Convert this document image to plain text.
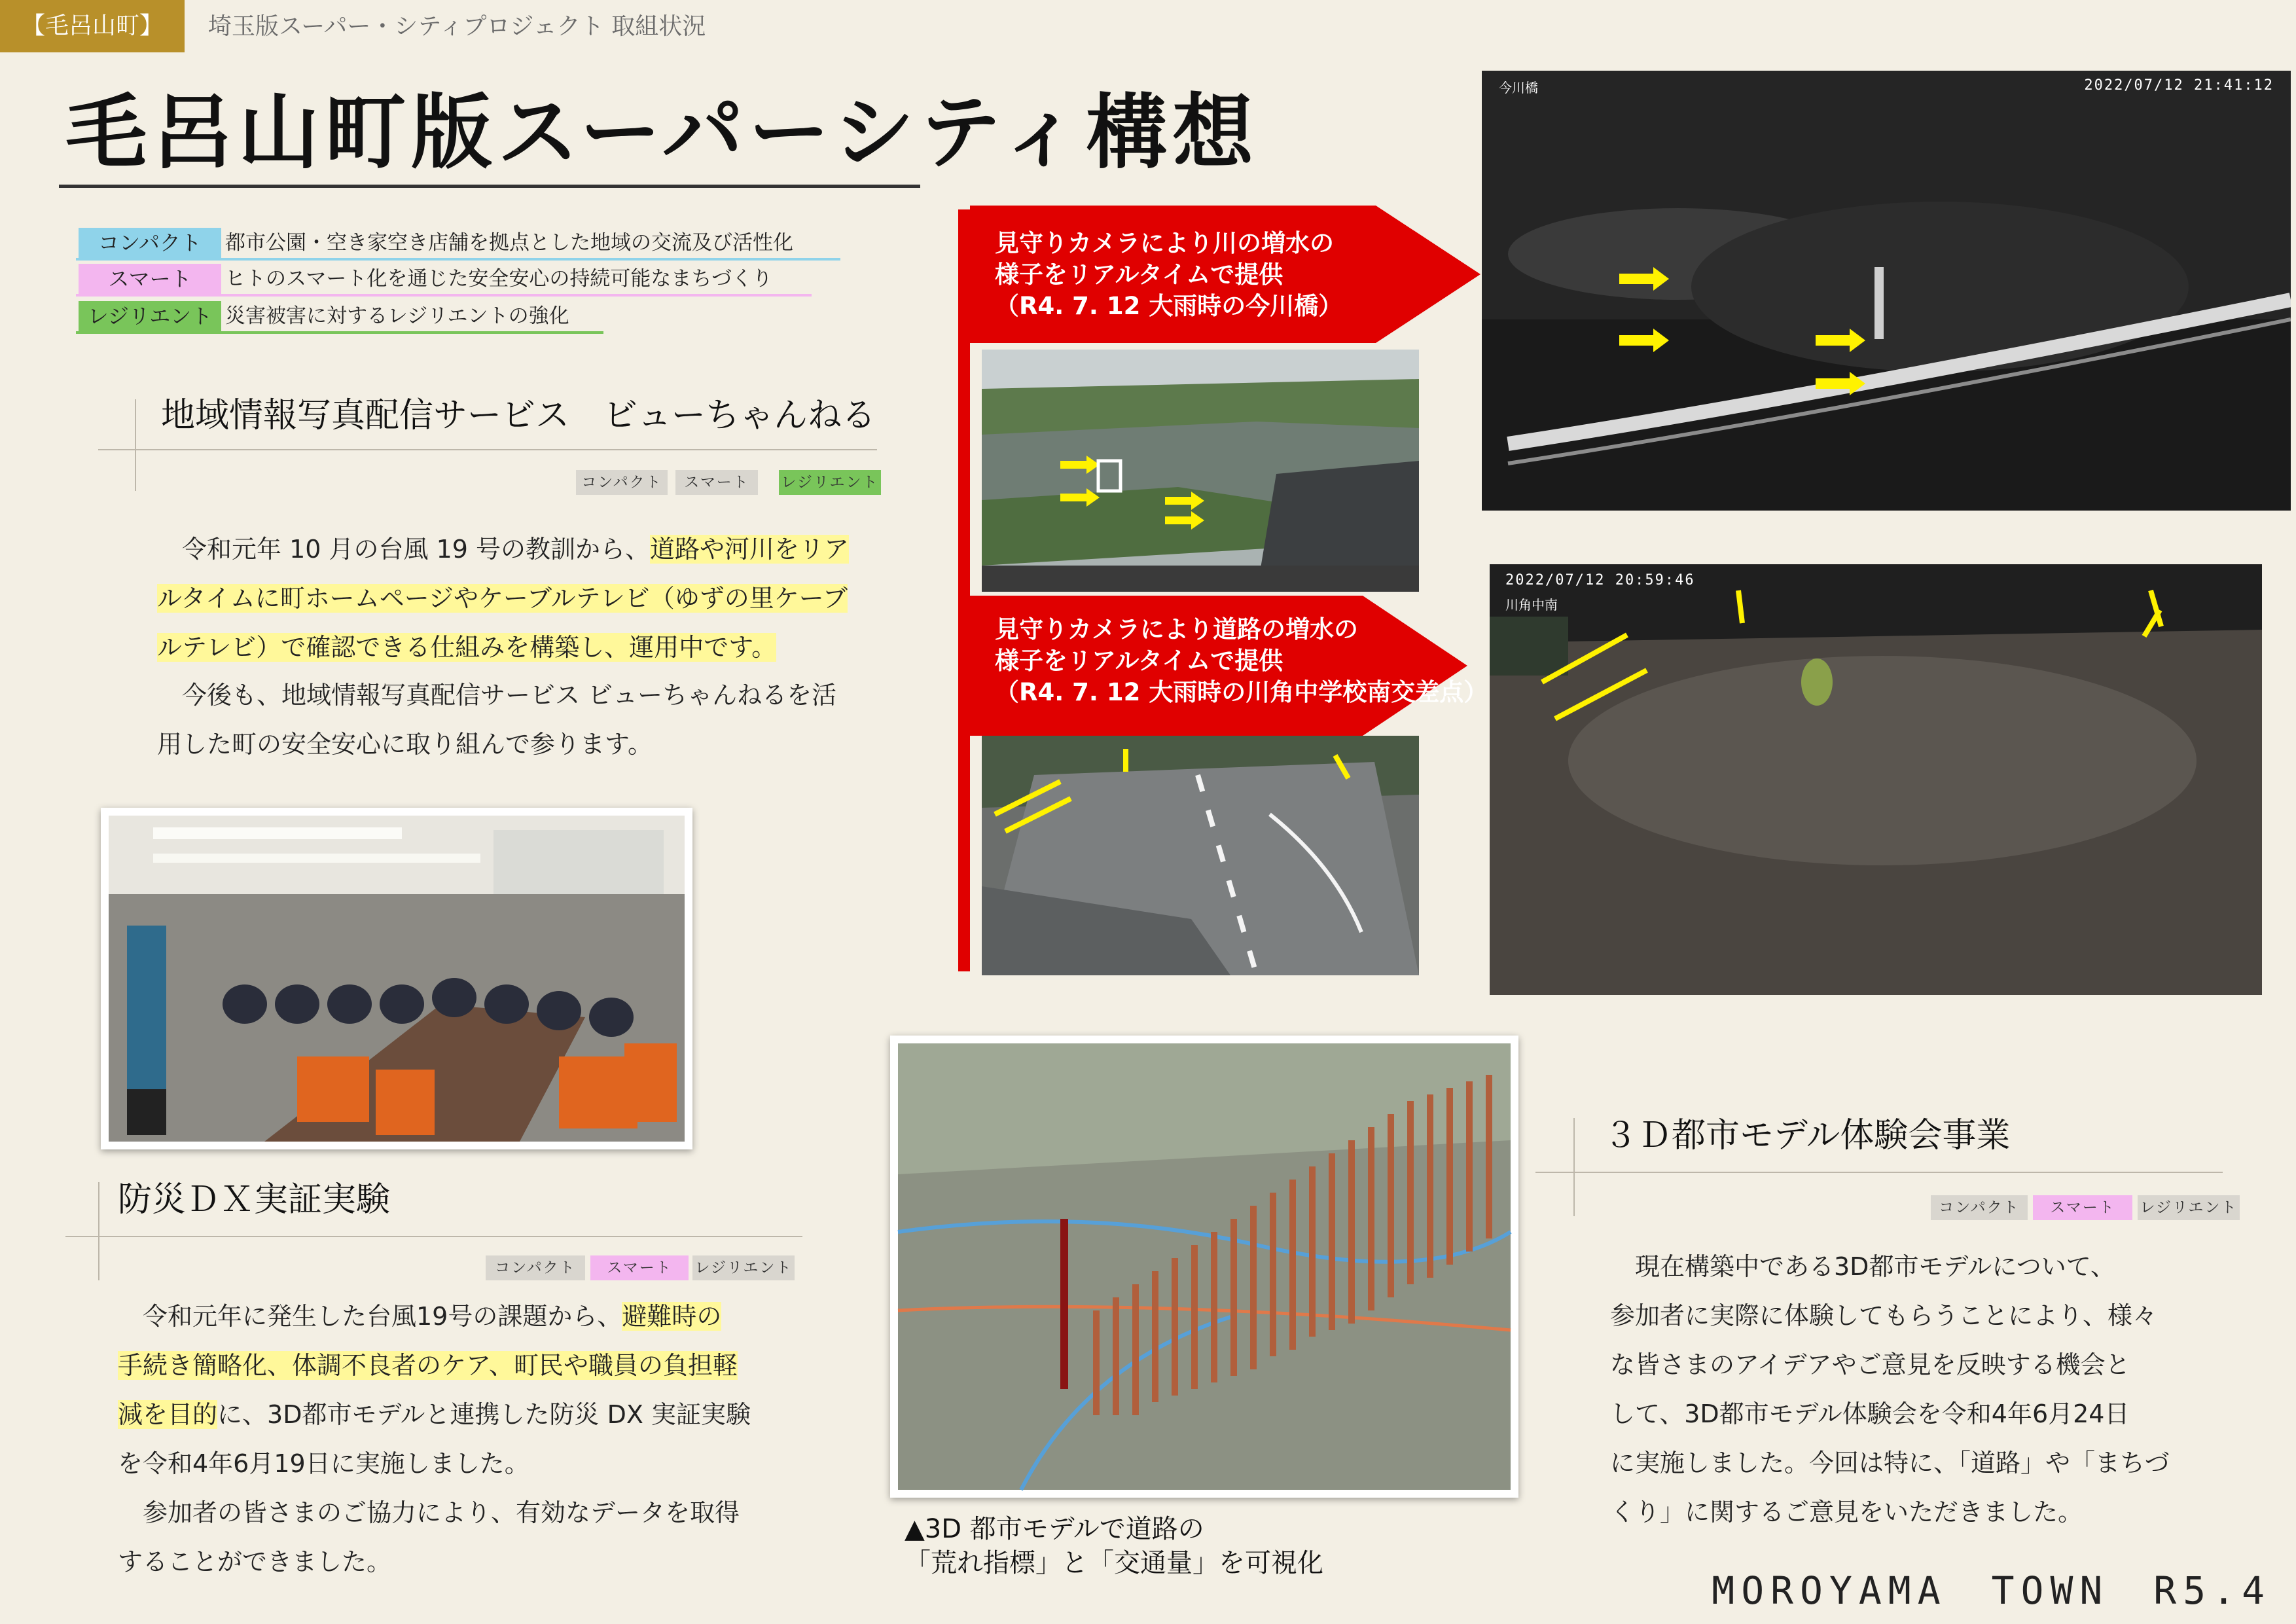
【毛呂山町】	埼玉版スーパー・シティプロジェクト 取組状況
毛呂山町版スーパーシティ構想
コンパクト	都市公園・空き家空き店舗を拠点とした地域の交流及び活性化
スマート	ヒトのスマート化を通じた安全安心の持続可能なまちづくり
レジリエント 災害被害に対するレジリエントの強化
地域情報写真配信サービス　ビューちゃんねる
コンパクト	スマート	レジリエント
　令和元年 10 月の台風 19 号の教訓から、道路や河川をリア
ルタイムに町ホームページやケーブルテレビ（ゆずの里ケーブ
ルテレビ）で確認できる仕組みを構築し、運用中です。
　今後も、地域情報写真配信サービス ビューちゃんねるを活
用した町の安全安心に取り組んで参ります。
防災ＤＸ実証実験
コンパクト	スマート	レジリエント
　令和元年に発生した台風19号の課題から、避難時の
手続き簡略化、体調不良者のケア、町民や職員の負担軽
減を目的に、3D都市モデルと連携した防災 DX 実証実験
を令和4年6月19日に実施しました。
　参加者の皆さまのご協力により、有効なデータを取得
することができました。
見守りカメラにより川の増水の
様子をリアルタイムで提供
（R4. 7. 12 大雨時の今川橋）
見守りカメラにより道路の増水の
様子をリアルタイムで提供
（R4. 7. 12 大雨時の川角中学校南交差点）
今川橋	2022/07/12 21:41:12
2022/07/12 20:59:46
川角中南
▲3D 都市モデルで道路の
「荒れ指標」と「交通量」を可視化
３Ｄ都市モデル体験会事業
コンパクト	スマート	レジリエント
　現在構築中である3D都市モデルについて、
参加者に実際に体験してもらうことにより、様々
な皆さまのアイデアやご意見を反映する機会と
して、3D都市モデル体験会を令和4年6月24日
に実施しました。今回は特に、「道路」や「まちづ
くり」に関するご意見をいただきました。
MOROYAMA　TOWN　R5.4
